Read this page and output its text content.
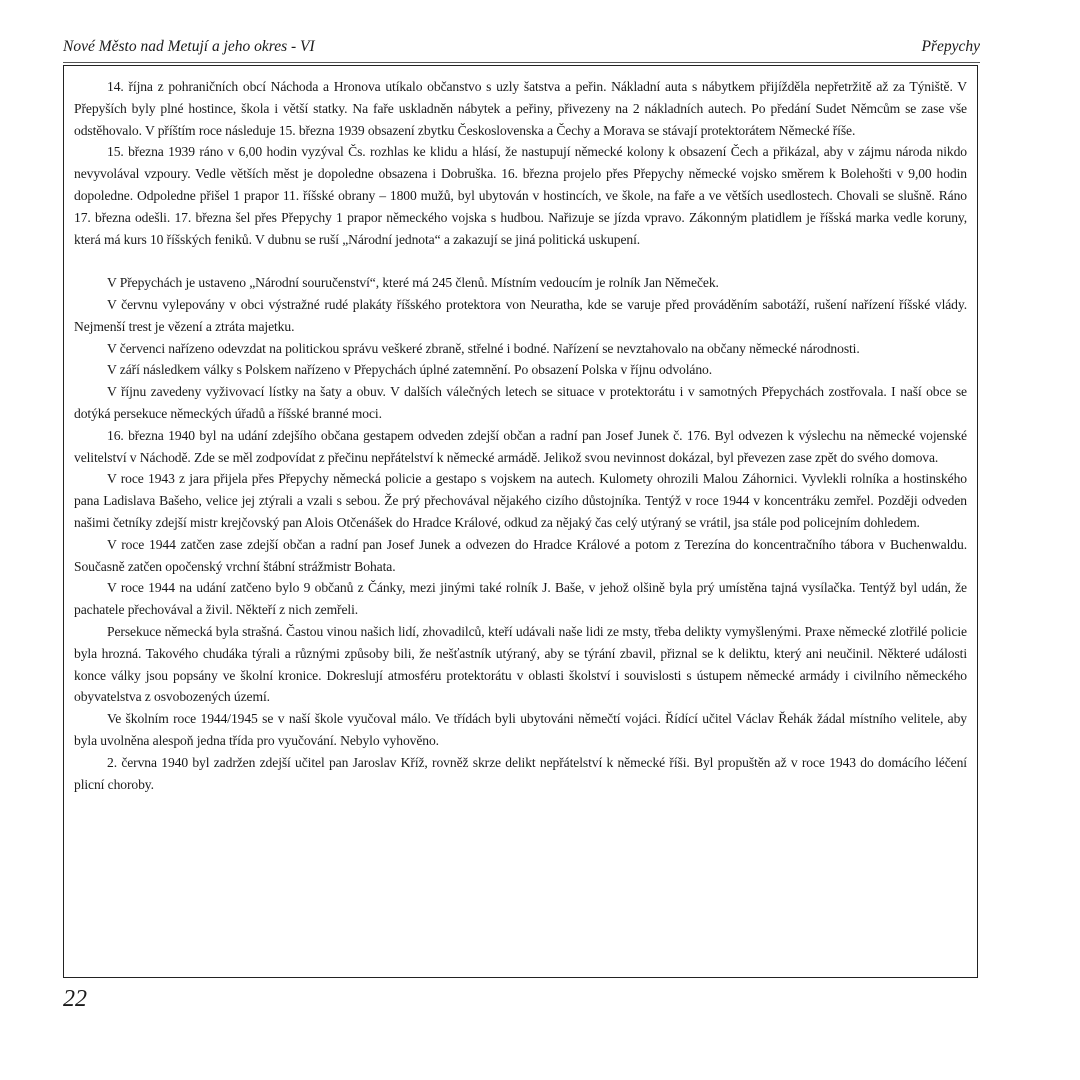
Nové Město nad Metují a jeho okres - VI	Přepychy

14. října z pohraničních obcí Náchoda a Hronova utíkalo občanstvo s uzly šatstva a peřin. Nákladní auta s nábytkem přijížděla nepřetržitě až za Týniště. V Přepyších byly plné hostince, škola i větší statky. Na faře uskladněn nábytek a peřiny, přivezeny na 2 nákladních autech. Po předání Sudet Němcům se zase vše odstěhovalo. V příštím roce následuje 15. března 1939 obsazení zbytku Československa a Čechy a Morava se stávají protektorátem Německé říše.

15. března 1939 ráno v 6,00 hodin vyzýval Čs. rozhlas ke klidu a hlásí, že nastupují německé kolony k obsazení Čech a přikázal, aby v zájmu národa nikdo nevyvolával vzpoury. Vedle větších měst je dopoledne obsazena i Dobruška. 16. března projelo přes Přepychy německé vojsko směrem k Bolehošti v 9,00 hodin dopoledne. Odpoledne přišel 1 prapor 11. říšské obrany – 1800 mužů, byl ubytován v hostincích, ve škole, na faře a ve větších usedlostech. Chovali se slušně. Ráno 17. března odešli. 17. března šel přes Přepychy 1 prapor německého vojska s hudbou. Nařizuje se jízda vpravo. Zákonným platidlem je říšská marka vedle koruny, která má kurs 10 říšských feniků. V dubnu se ruší „Národní jednota“ a zakazují se jiná politická uskupení.

V Přepychách je ustaveno „Národní souručenství“, které má 245 členů. Místním vedoucím je rolník Jan Němeček.

V červnu vylepovány v obci výstražné rudé plakáty říšského protektora von Neuratha, kde se varuje před prováděním sabotáží, rušení nařízení říšské vlády. Nejmenší trest je vězení a ztráta majetku.

V červenci nařízeno odevzdat na politickou správu veškeré zbraně, střelné i bodné. Nařízení se nevztahovalo na občany německé národnosti.

V září následkem války s Polskem nařízeno v Přepychách úplné zatemnění. Po obsazení Polska v říjnu odvoláno.

V říjnu zavedeny vyživovací lístky na šaty a obuv. V dalších válečných letech se situace v protektorátu i v samotných Přepychách zostřovala. I naší obce se dotýká persekuce německých úřadů a říšské branné moci.

16. března 1940 byl na udání zdejšího občana gestapem odveden zdejší občan a radní pan Josef Junek č. 176. Byl odvezen k výslechu na německé vojenské velitelství v Náchodě. Zde se měl zodpovídat z přečinu nepřátelství k německé armádě. Jelikož svou nevinnost dokázal, byl převezen zase zpět do svého domova.

V roce 1943 z jara přijela přes Přepychy německá policie a gestapo s vojskem na autech. Kulomety ohrozili Malou Záhornici. Vyvlekli rolníka a hostinského pana Ladislava Bašeho, velice jej ztýrali a vzali s sebou. Že prý přechovával nějakého cizího důstojníka. Tentýž v roce 1944 v koncentráku zemřel. Později odveden našimi četníky zdejší mistr krejčovský pan Alois Otčenášek do Hradce Králové, odkud za nějaký čas celý utýraný se vrátil, jsa stále pod policejním dohledem.

V roce 1944 zatčen zase zdejší občan a radní pan Josef Junek a odvezen do Hradce Králové a potom z Terezína do koncentračního tábora v Buchenwaldu. Současně zatčen opočenský vrchní štábní strážmistr Bohata.

V roce 1944 na udání zatčeno bylo 9 občanů z Čánky, mezi jinými také rolník J. Baše, v jehož olšině byla prý umístěna tajná vysílačka. Tentýž byl udán, že pachatele přechovával a živil. Někteří z nich zemřeli.

Persekuce německá byla strašná. Častou vinou našich lidí, zhovadilců, kteří udávali naše lidi ze msty, třeba delikty vymyšlenými. Praxe německé zlotřilé policie byla hrozná. Takového chudáka týrali a různými způsoby bili, že nešťastník utýraný, aby se týrání zbavil, přiznal se k deliktu, který ani neučinil. Některé události konce války jsou popsány ve školní kronice. Dokreslují atmosféru protektorátu v oblasti školství i souvislosti s ústupem německé armády i civilního německého obyvatelstva z osvobozených území.

Ve školním roce 1944/1945 se v naší škole vyučoval málo. Ve třídách byli ubytováni němečtí vojáci. Řídící učitel Václav Řehák žádal místního velitele, aby byla uvolněna alespoň jedna třída pro vyučování. Nebylo vyhověno.

2. června 1940 byl zadržen zdejší učitel pan Jaroslav Kříž, rovněž skrze delikt nepřátelství k německé říši. Byl propuštěn až v roce 1943 do domácího léčení plicní choroby.

22
